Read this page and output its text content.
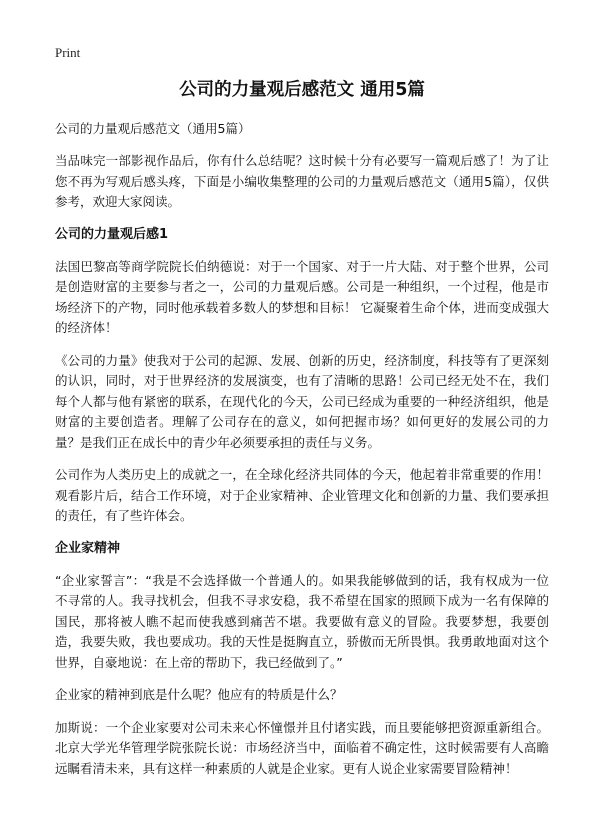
Print
公司的力量观后感范文 通用5篇

公司的力量观后感范文（通用5篇）

当品味完一部影视作品后，你有什么总结呢？这时候十分有必要写一篇观后感了！为了让您不再为写观后感头疼，下面是小编收集整理的公司的力量观后感范文（通用5篇），仅供参考，欢迎大家阅读。

公司的力量观后感1

法国巴黎高等商学院院长伯纳德说：对于一个国家、对于一片大陆、对于整个世界，公司是创造财富的主要参与者之一，公司的力量观后感。公司是一种组织，一个过程，他是市场经济下的产物，同时他承载着多数人的梦想和目标！ 它凝聚着生命个体，进而变成强大的经济体！

《公司的力量》使我对于公司的起源、发展、创新的历史，经济制度，科技等有了更深刻的认识，同时，对于世界经济的发展演变，也有了清晰的思路！公司已经无处不在，我们每个人都与他有紧密的联系，在现代化的今天，公司已经成为重要的一种经济组织，他是财富的主要创造者。理解了公司存在的意义，如何把握市场？如何更好的发展公司的力量？是我们正在成长中的青少年必须要承担的责任与义务。

公司作为人类历史上的成就之一，在全球化经济共同体的今天，他起着非常重要的作用！观看影片后，结合工作环境，对于企业家精神、企业管理文化和创新的力量、我们要承担的责任，有了些许体会。

企业家精神

“企业家誓言”：“我是不会选择做一个普通人的。如果我能够做到的话，我有权成为一位不寻常的人。我寻找机会，但我不寻求安稳，我不希望在国家的照顾下成为一名有保障的国民，那将被人瞧不起而使我感到痛苦不堪。我要做有意义的冒险。我要梦想，我要创造，我要失败，我也要成功。我的天性是挺胸直立，骄傲而无所畏惧。我勇敢地面对这个世界，自豪地说：在上帝的帮助下，我已经做到了。”

企业家的精神到底是什么呢？他应有的特质是什么？

加斯说：一个企业家要对公司未来心怀憧憬并且付诸实践，而且要能够把资源重新组合。北京大学光华管理学院张院长说：市场经济当中，面临着不确定性，这时候需要有人高瞻远瞩看清未来，具有这样一种素质的人就是企业家。更有人说企业家需要冒险精神！
